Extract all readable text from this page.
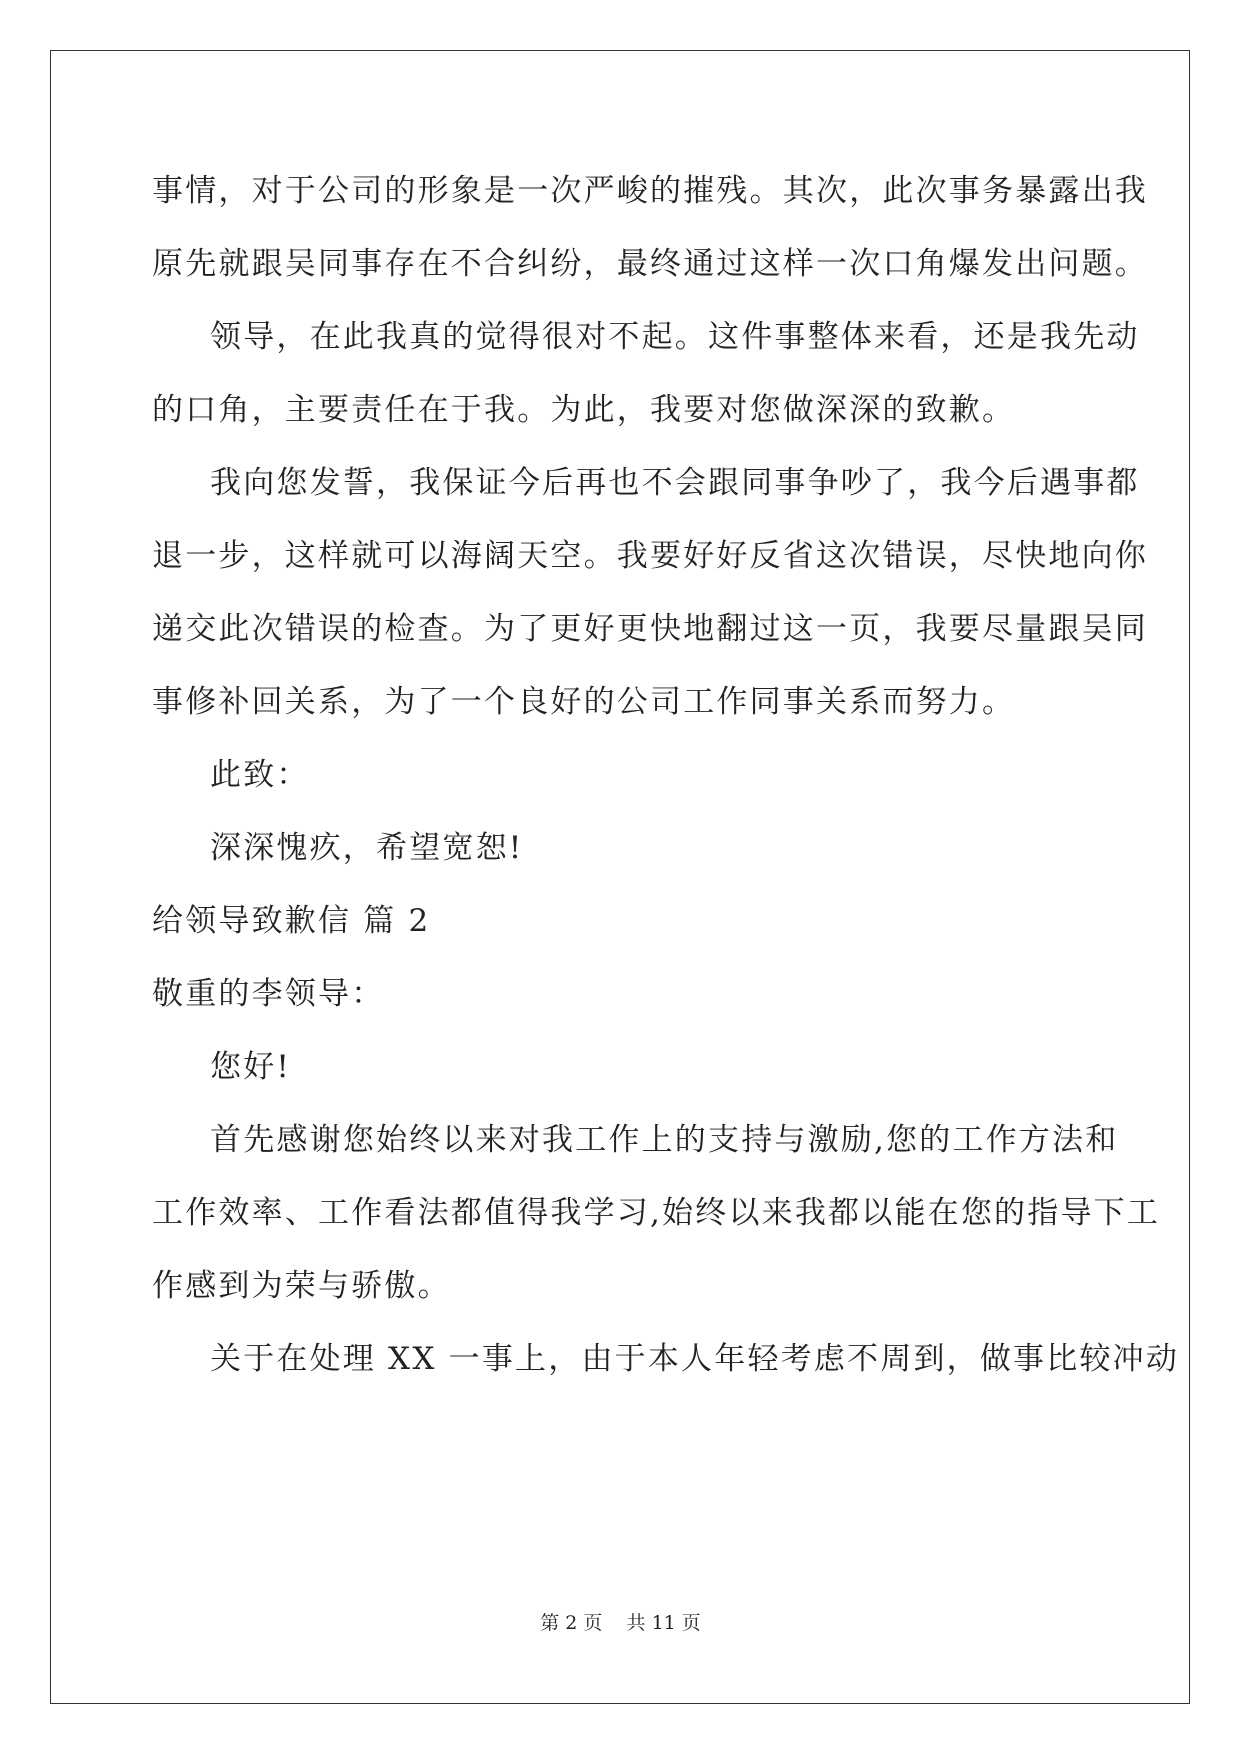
事情，对于公司的形象是一次严峻的摧残。其次，此次事务暴露出我
原先就跟吴同事存在不合纠纷，最终通过这样一次口角爆发出问题。
领导，在此我真的觉得很对不起。这件事整体来看，还是我先动
的口角，主要责任在于我。为此，我要对您做深深的致歉。
我向您发誓，我保证今后再也不会跟同事争吵了，我今后遇事都
退一步，这样就可以海阔天空。我要好好反省这次错误，尽快地向你
递交此次错误的检查。为了更好更快地翻过这一页，我要尽量跟吴同
事修补回关系，为了一个良好的公司工作同事关系而努力。
此致：
深深愧疚，希望宽恕!
给领导致歉信 篇 2
敬重的李领导：
您好!
首先感谢您始终以来对我工作上的支持与激励,您的工作方法和
工作效率、工作看法都值得我学习,始终以来我都以能在您的指导下工
作感到为荣与骄傲。
关于在处理 XX 一事上，由于本人年轻考虑不周到，做事比较冲动
第 2 页    共 11 页
